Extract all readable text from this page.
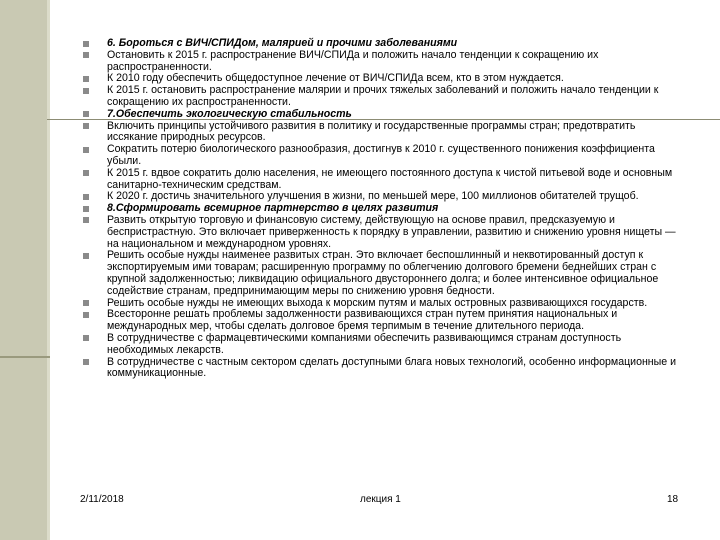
6. Бороться с ВИЧ/СПИДом, малярией и прочими заболеваниями
Остановить к 2015 г. распространение ВИЧ/СПИДа и положить начало тенденции к сокращению их распространенности.
К 2010 году обеспечить общедоступное лечение от ВИЧ/СПИДа всем, кто в этом нуждается.
К 2015 г. остановить распространение малярии и прочих тяжелых заболеваний и положить начало тенденции к сокращению их распространенности.
7.Обеспечить экологическую стабильность
Включить принципы устойчивого развития в политику и государственные программы стран; предотвратить иссякание природных ресурсов.
Сократить потерю биологического разнообразия, достигнув к 2010 г. существенного понижения коэффициента убыли.
К 2015 г. вдвое сократить долю населения, не имеющего постоянного доступа к чистой питьевой воде и основным санитарно-техническим средствам.
К 2020 г. достичь значительного улучшения в жизни, по меньшей мере, 100 миллионов обитателей трущоб.
8.Сформировать всемирное партнерство в целях развития
Развить открытую торговую и финансовую систему, действующую на основе правил, предсказуемую и беспристрастную. Это включает приверженность к порядку в управлении, развитию и снижению уровня нищеты — на национальном и международном уровнях.
Решить особые нужды наименее развитых стран. Это включает беспошлинный и неквотированный доступ к экспортируемым ими товарам; расширенную программу по облегчению долгового бремени беднейших стран с крупной задолженностью; ликвидацию официального двустороннего долга; и более интенсивное официальное содействие странам, предпринимающим меры по снижению уровня бедности.
Решить особые нужды не имеющих выхода к морским путям и малых островных развивающихся государств.
Всесторонне решать проблемы задолженности развивающихся стран путем принятия национальных и международных мер, чтобы сделать долговое бремя терпимым в течение длительного периода.
В сотрудничестве с фармацевтическими компаниями обеспечить развивающимся странам доступность необходимых лекарств.
В сотрудничестве с частным сектором сделать доступными блага новых технологий, особенно информационные и коммуникационные.
2/11/2018	лекция 1	18
